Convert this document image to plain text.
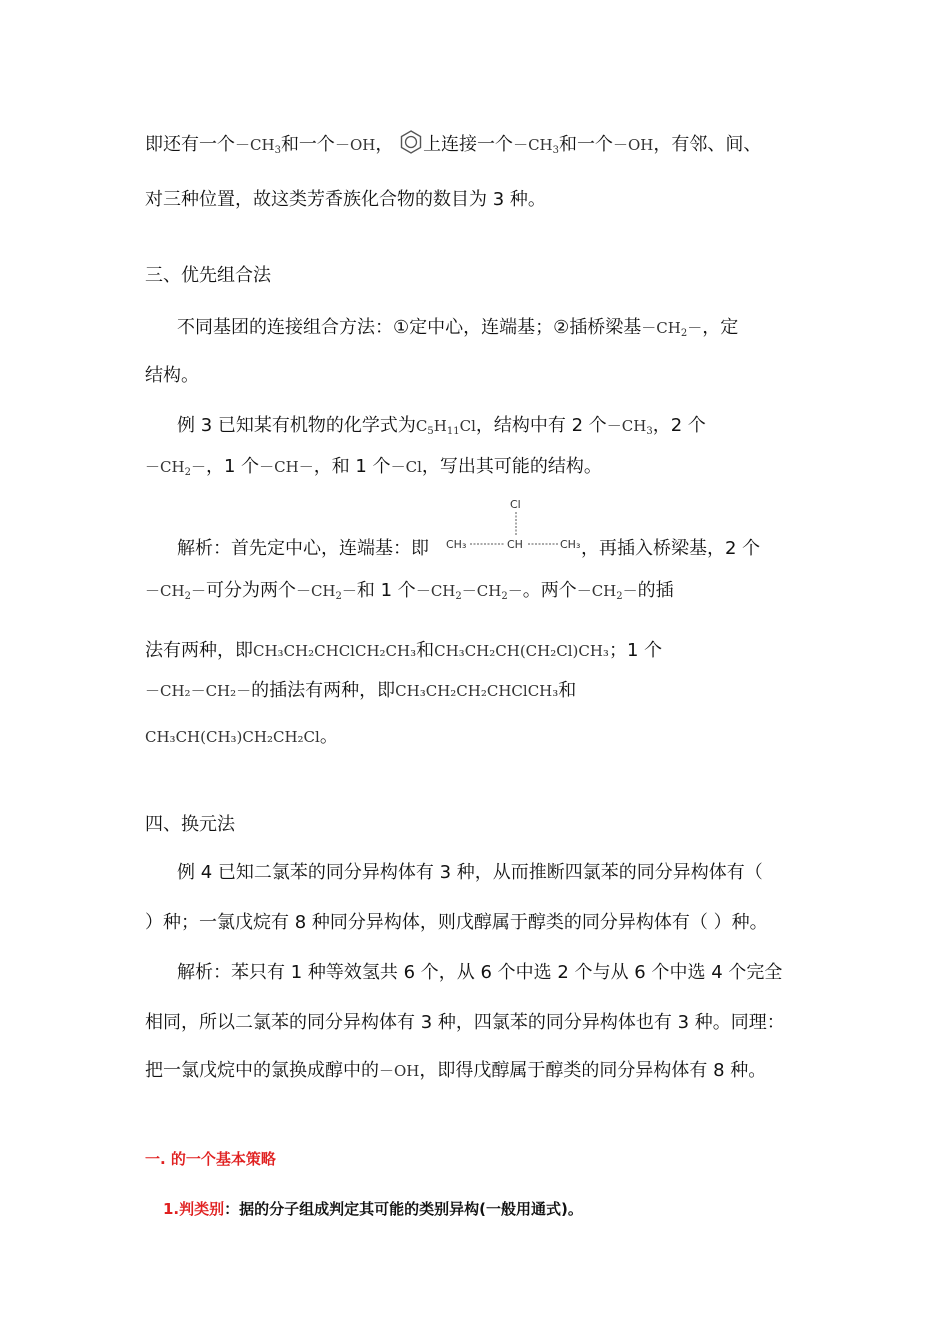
即还有一个$-CH_3$和一个－OH， 上连接一个$-CH_3$和一个－OH，有邻、间、
对三种位置，故这类芳香族化合物的数目为 3 种。
三、优先组合法
不同基团的连接组合方法：①定中心，连端基；②插桥梁基$-CH_2-$，定
结构。
例 3 已知某有机物的化学式为$C_5H_{11}Cl$，结构中有 2 个$-CH_3$，2 个
$-CH_2-$，1 个－CH－，和 1 个－Cl，写出其可能的结构。
Cl
CH₃	CH	CH₃
解析：首先定中心，连端基：即	，再插入桥梁基，2 个
$-CH_2-$可分为两个$-CH_2-$和 1 个$-CH_2-CH_2-$。两个$-CH_2-$的插
法有两种，即CH₃CH₂CHClCH₂CH₃和CH₃CH₂CH(CH₂Cl)CH₃；1 个
－CH₂－CH₂－的插法有两种，即CH₃CH₂CH₂CHClCH₃和
CH₃CH(CH₃)CH₂CH₂Cl。
四、换元法
例 4 已知二氯苯的同分异构体有 3 种，从而推断四氯苯的同分异构体有（
）种；一氯戊烷有 8 种同分异构体，则戊醇属于醇类的同分异构体有（ ）种。
解析：苯只有 1 种等效氢共 6 个，从 6 个中选 2 个与从 6 个中选 4 个完全
相同，所以二氯苯的同分异构体有 3 种，四氯苯的同分异构体也有 3 种。同理：
把一氯戊烷中的氯换成醇中的－OH，即得戊醇属于醇类的同分异构体有 8 种。
一. 的一个基本策略
1.判类别：据的分子组成判定其可能的类别异构(一般用通式)。
